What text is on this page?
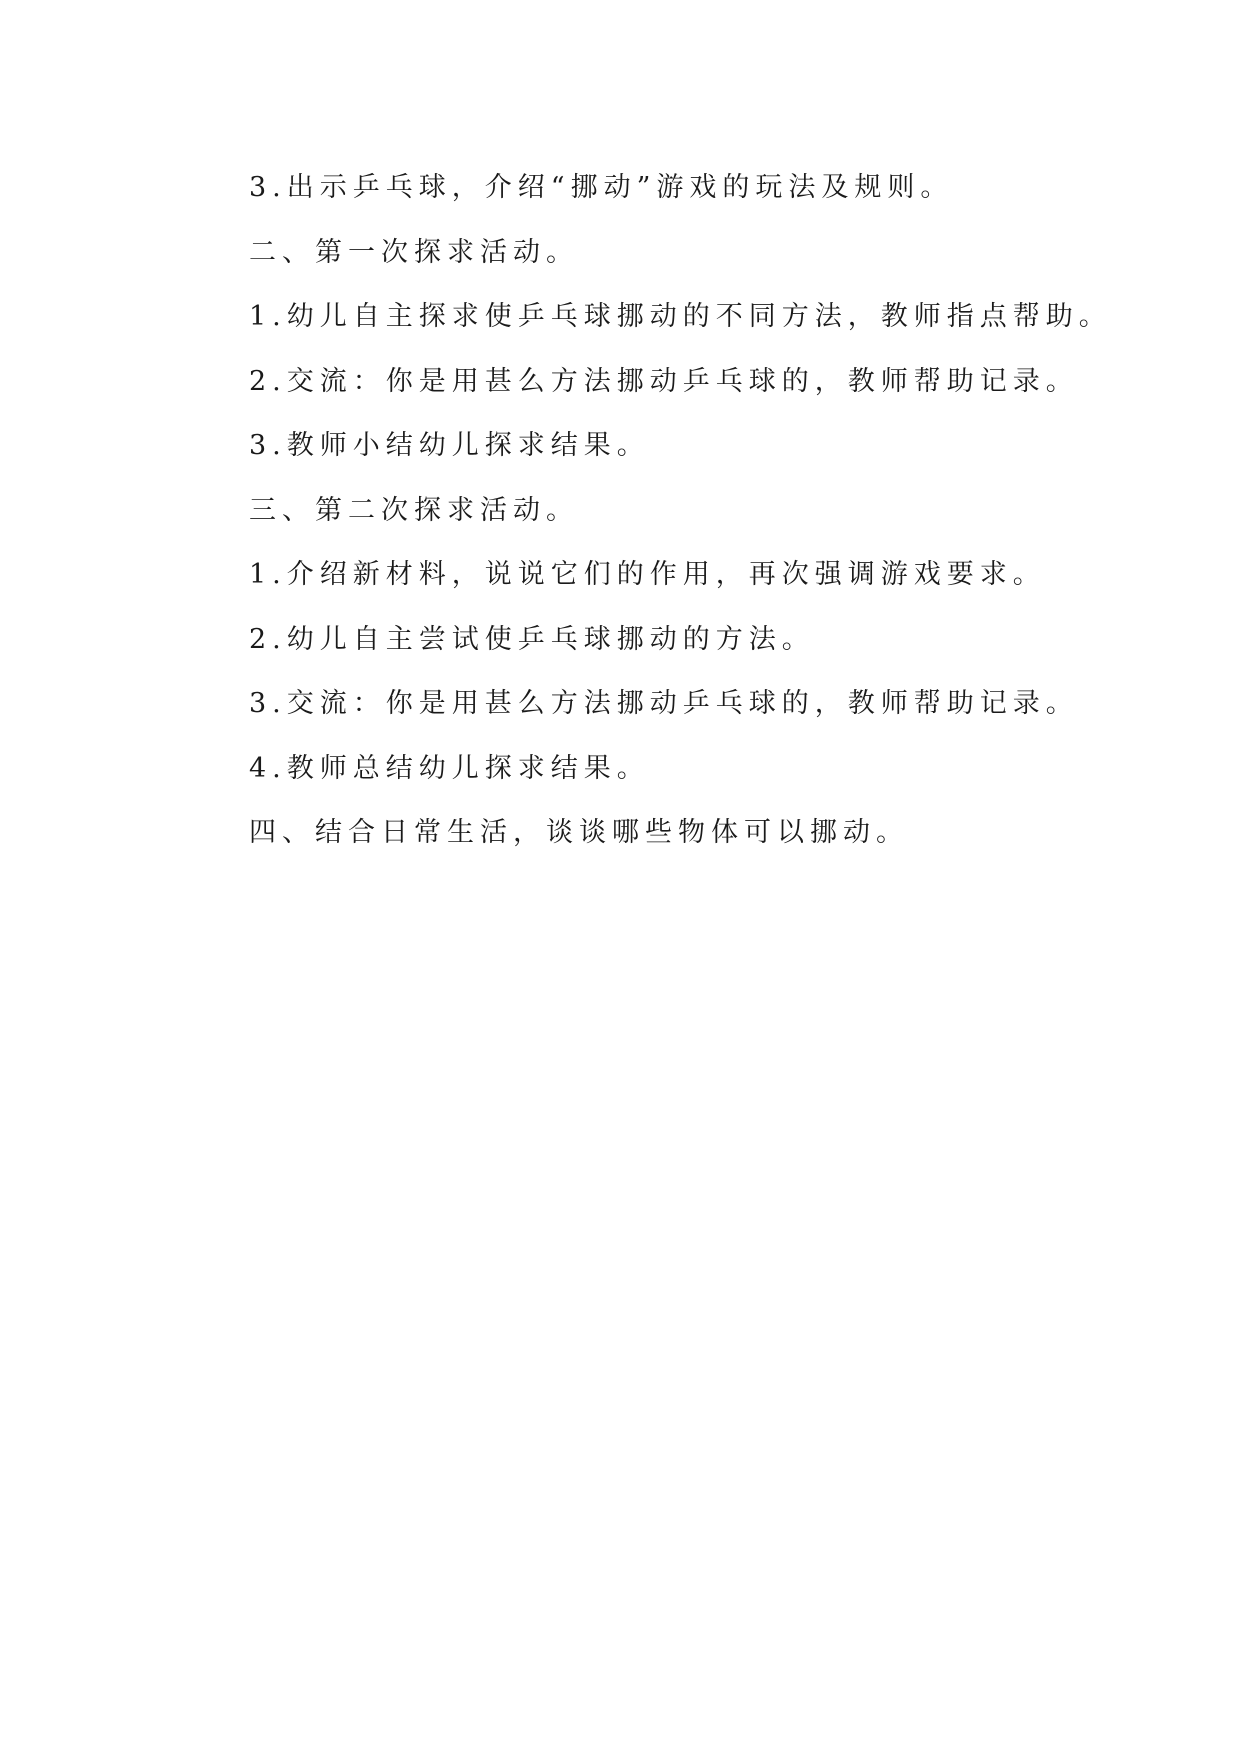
3.出示乒乓球，介绍“挪动”游戏的玩法及规则。

二、第一次探求活动。

1.幼儿自主探求使乒乓球挪动的不同方法，教师指点帮助。

2.交流：你是用甚么方法挪动乒乓球的，教师帮助记录。

3.教师小结幼儿探求结果。

三、第二次探求活动。

1.介绍新材料，说说它们的作用，再次强调游戏要求。

2.幼儿自主尝试使乒乓球挪动的方法。

3.交流：你是用甚么方法挪动乒乓球的，教师帮助记录。

4.教师总结幼儿探求结果。

四、结合日常生活，谈谈哪些物体可以挪动。
